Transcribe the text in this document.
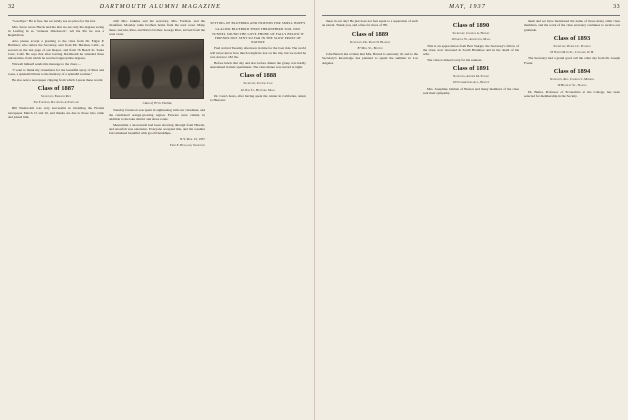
32	DARTMOUTH ALUMNI MAGAZINE

"Goodbye." He is free, but we surely see no place for the fact.

Mrs. Snow wrote Harris and me that we are only the degrees swing in Leafing in as "arduous Discussors". All his life he was a Republican.

Also please accept a greeting to the class from Dr. Edgar P. Hollister, who retires the Secretary, sent from Mr. Herman, Calif., as second on the last page of our Report, and from 76 Beach St. Santa Cruz, Calif. He says that after leaving Dartmouth he attended three universities, from which he received appropriate degrees.

Wiswall himself sends this message to the class:—

"I want to thank my classmates for the beautiful spray of lilies and roses, a splendid tribute to the memory of a splendid woman."

He also sent a newspaper clipping from which I quote these words:

Class of 1887
Secretary, Emerson Rice
The Fairfield, Rochester 4, Portland

Bill Wentworth was very successful in travelling the Florida newspaper March 15 and 16, and thanks are due to those who came and joined him.

with Mrs. Jenkins and his secretary, Mrs. Forman, and the chauffeur. Monday came brothers home from the west coast. Many there, Gerwin, Rice, and Rice's brother, George Rice, arrived from the west coast.

Class of '87 in Florida

Tuesday forenoon was spent in sightseeing with our classmate, and the celebrated orange-growing region. Flowers were visited, in addition to the lake district and shore roads.

Meanwhile a snowstorm had been showing through from Hawaii, and snowfall was extensive. Everyone accepted this, and the weather fair remained beautiful with good friendships.

N.Y. Mar. 15, 1937
Fred E. Howland, Secretary
SETTING OF BLUEBIRD AND FRIENDS FOR SMELL HOPPY
GLACIER BLUEBIRD THAN THRONEBIRD TOO. DUE TUNNEL SOUND THE LOVE PHONE OF FALLS BELOW IT FRIENDS DUE SENT SO FAR IN THE SLOW PROSE OF NATURE

Fred arrived Tuesday afternoon in time for the boat ride. The world will never know how much weight he lost on the trip, but we noted he was down to 182 lbs.

Before lunch that day and also before dinner the group was hardly entertained in their apartments. The class dinner was served at night.

Class of 1888
Secretary, Eugene Cass
22 Oak St., Holyoke, Mass.

Dr. Cass's hosts, after having spent the winter in California, return to Hanover.

MAY, 1937	33

these in our day! He just does not feel equal to a separation of such an extent. Thank you, and a fine for more of '88.

Class of 1889
Secretary, Dr. David N. Blakely
87 Mill St., Boston

John Barrett has written that Mrs. Barrett is seriously ill, and to the Secretary's knowledge has planned to spend the summer in Los Angeles.

Class of 1890
Secretary, Charles A. Harvey
19 Grove St., Arlington, Mass.

This is an appreciation from Bert Sturgis, the Secretary's fellow of the class, now deceased in South Braintree and in the death of his wife.

The class is indeed sorry for his sadness.

Class of 1891
Secretary, Arthur M. Strong
103 Commodore Ave., Boston

Mrs. Josephine Gilman of Boston and many members of the class sent their sympathy.

mem and we have mentioned the name of those many other class members, and the work of the class secretary continues to receive our gratitude.

Class of 1893
Secretary, Harold C. Pearson
33 North Main St., Concord, N. H.

The Secretary had a grand good call the other day from Dr. Joseph Foster.

Class of 1894
Secretary, Rev. Charles C. Merrill
19 Buckley St., Nashua

Dr. Butler, Professor of Economics at the College, has been selected for membership in the Society.
